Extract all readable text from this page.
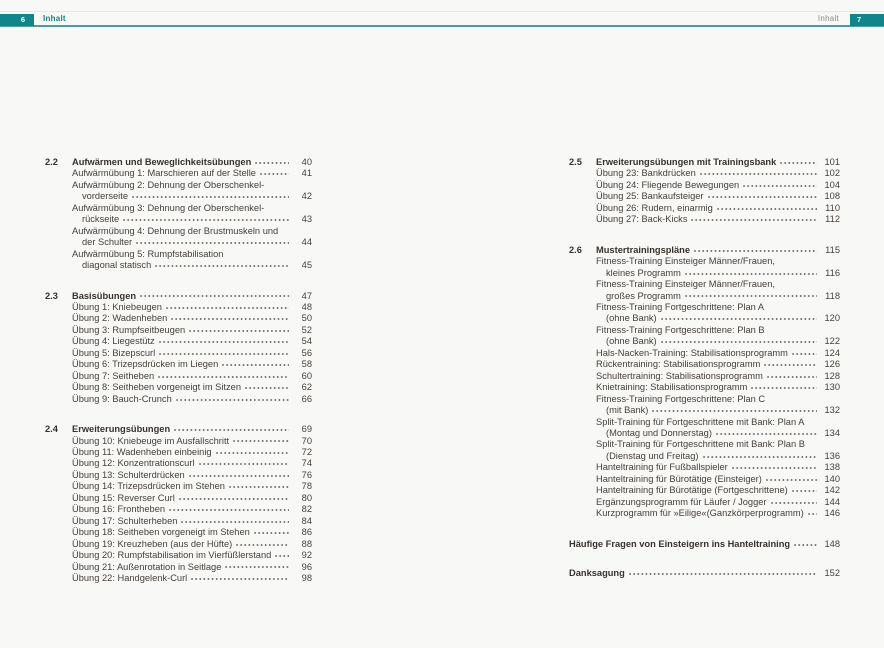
6	7
Inhalt	Inhalt
2.2	Aufwärmen und Beweglichkeitsübungen	40
Aufwärmübung 1: Marschieren auf der Stelle	41
Aufwärmübung 2: Dehnung der Oberschenkel-
vorderseite	42
Aufwärmübung 3: Dehnung der Oberschenkel-
rückseite	43
Aufwärmübung 4: Dehnung der Brustmuskeln und
der Schulter	44
Aufwärmübung 5: Rumpfstabilisation
diagonal statisch	45
2.3	Basisübungen	47
Übung 1: Kniebeugen	48
Übung 2: Wadenheben	50
Übung 3: Rumpfseitbeugen	52
Übung 4: Liegestütz	54
Übung 5: Bizepscurl	56
Übung 6: Trizepsdrücken im Liegen	58
Übung 7: Seitheben	60
Übung 8: Seitheben vorgeneigt im Sitzen	62
Übung 9: Bauch-Crunch	66
2.4	Erweiterungsübungen	69
Übung 10: Kniebeuge im Ausfallschritt	70
Übung 11: Wadenheben einbeinig	72
Übung 12: Konzentrationscurl	74
Übung 13: Schulterdrücken	76
Übung 14: Trizepsdrücken im Stehen	78
Übung 15: Reverser Curl	80
Übung 16: Frontheben	82
Übung 17: Schulterheben	84
Übung 18: Seitheben vorgeneigt im Stehen	86
Übung 19: Kreuzheben (aus der Hüfte)	88
Übung 20: Rumpfstabilisation im Vierfüßlerstand	92
Übung 21: Außenrotation in Seitlage	96
Übung 22: Handgelenk-Curl	98
2.5	Erweiterungsübungen mit Trainingsbank	101
Übung 23: Bankdrücken	102
Übung 24: Fliegende Bewegungen	104
Übung 25: Bankaufsteiger	108
Übung 26: Rudern, einarmig	110
Übung 27: Back-Kicks	112
2.6	Mustertrainingspläne	115
Fitness-Training Einsteiger Männer/Frauen,
kleines Programm	116
Fitness-Training Einsteiger Männer/Frauen,
großes Programm	118
Fitness-Training Fortgeschrittene: Plan A
(ohne Bank)	120
Fitness-Training Fortgeschrittene: Plan B
(ohne Bank)	122
Hals-Nacken-Training: Stabilisationsprogramm	124
Rückentraining: Stabilisationsprogramm	126
Schultertraining: Stabilisationsprogramm	128
Knietraining: Stabilisationsprogramm	130
Fitness-Training Fortgeschrittene: Plan C
(mit Bank)	132
Split-Training für Fortgeschrittene mit Bank: Plan A
(Montag und Donnerstag)	134
Split-Training für Fortgeschrittene mit Bank: Plan B
(Dienstag und Freitag)	136
Hanteltraining für Fußballspieler	138
Hanteltraining für Bürotätige (Einsteiger)	140
Hanteltraining für Bürotätige (Fortgeschrittene)	142
Ergänzungsprogramm für Läufer / Jogger	144
Kurzprogramm für »Eilige«(Ganzkörperprogramm)	146
Häufige Fragen von Einsteigern ins Hanteltraining	148
Danksagung	152
